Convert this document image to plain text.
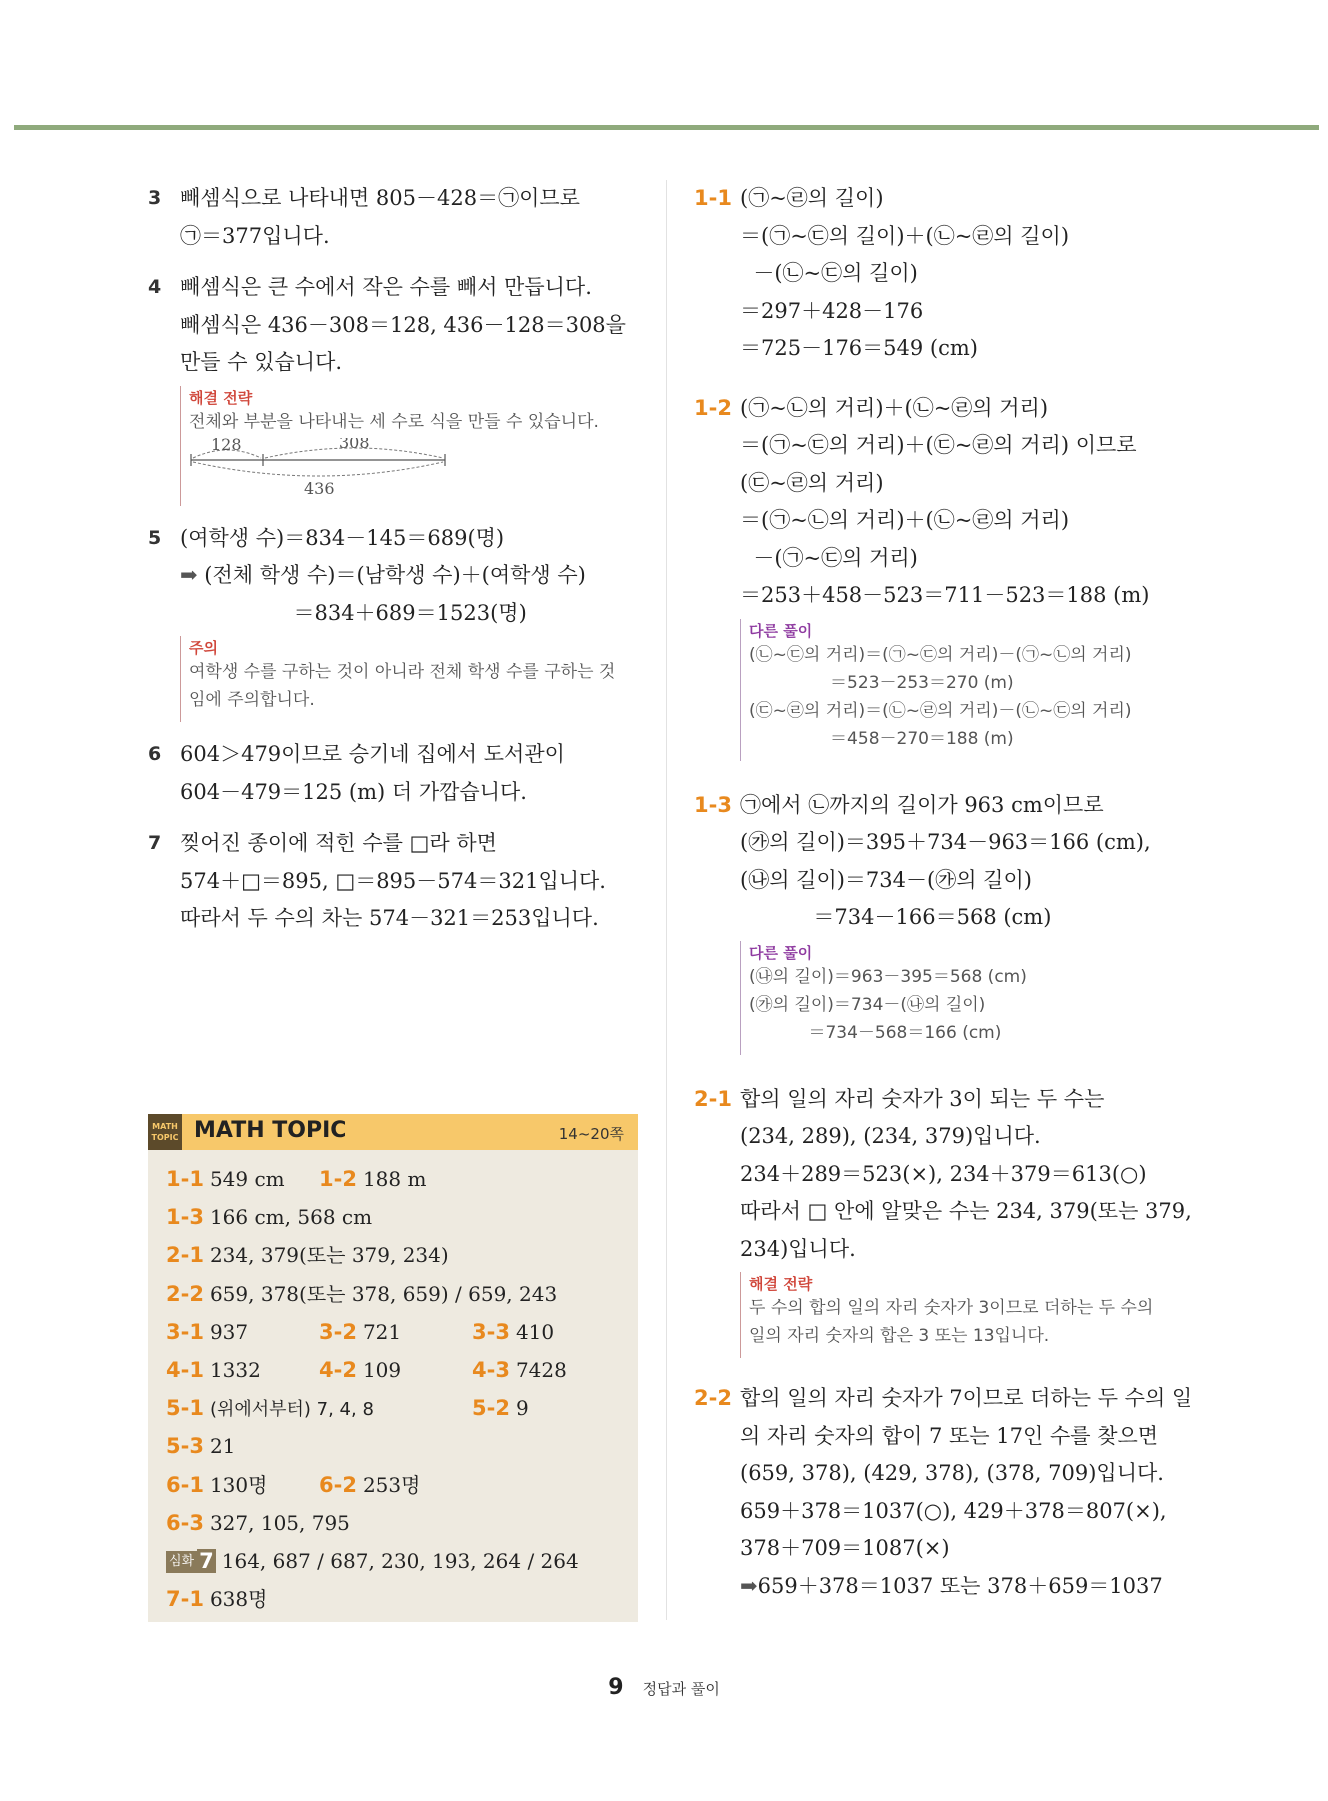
3 빼셈식으로 나타내면 805－428＝㉠이므로
㉠＝377입니다.
4 빼셈식은 큰 수에서 작은 수를 빼서 만듭니다.
빼셈식은 436－308＝128, 436－128＝308을
만들 수 있습니다.
해결 전략
전체와 부분을 나타내는 세 수로 식을 만들 수 있습니다.
128	308
436
5 (여학생 수)＝834－145＝689(명)
➡ (전체 학생 수)＝(남학생 수)＋(여학생 수)
＝834＋689＝1523(명)
주의
여학생 수를 구하는 것이 아니라 전체 학생 수를 구하는 것
임에 주의합니다.
6 604＞479이므로 승기네 집에서 도서관이
604－479＝125 (m) 더 가깝습니다.
7 찢어진 종이에 적힌 수를 □라 하면
574＋□＝895, □＝895－574＝321입니다.
따라서 두 수의 차는 574－321＝253입니다.
MATH TOPIC MATH TOPIC	14~20쪽
1-1 549 cm 1-2 188 m
1-3 166 cm, 568 cm
2-1 234, 379(또는 379, 234)
2-2 659, 378(또는 378, 659) / 659, 243
3-1 937	3-2 721	3-3 410
4-1 1332	4-2 109	4-3 7428
5-1 (위에서부터) 7, 4, 8	5-2 9
5-3 21
6-1 130명 6-2 253명
6-3 327, 105, 795
심화 7 164, 687 / 687, 230, 193, 264 / 264
7-1 638명
1-1 (㉠~㉣의 길이)
＝(㉠~㉢의 길이)＋(㉡~㉣의 길이)
－(㉡~㉢의 길이)
＝297＋428－176
＝725－176＝549 (cm)
1-2 (㉠~㉡의 거리)＋(㉡~㉣의 거리)
＝(㉠~㉢의 거리)＋(㉢~㉣의 거리) 이므로
(㉢~㉣의 거리)
＝(㉠~㉡의 거리)＋(㉡~㉣의 거리)
－(㉠~㉢의 거리)
＝253＋458－523＝711－523＝188 (m)
다른 풀이
(㉡~㉢의 거리)＝(㉠~㉢의 거리)－(㉠~㉡의 거리)
＝523－253＝270 (m)
(㉢~㉣의 거리)＝(㉡~㉣의 거리)－(㉡~㉢의 거리)
＝458－270＝188 (m)
1-3 ㉠에서 ㉡까지의 길이가 963 cm이므로
(㉮의 길이)＝395＋734－963＝166 (cm),
(㉯의 길이)＝734－(㉮의 길이)
＝734－166＝568 (cm)
다른 풀이
(㉯의 길이)＝963－395＝568 (cm)
(㉮의 길이)＝734－(㉯의 길이)
＝734－568＝166 (cm)
2-1 합의 일의 자리 숫자가 3이 되는 두 수는
(234, 289), (234, 379)입니다.
234＋289＝523(×), 234＋379＝613(○)
따라서 □ 안에 알맞은 수는 234, 379(또는 379,
234)입니다.
해결 전략
두 수의 합의 일의 자리 숫자가 3이므로 더하는 두 수의
일의 자리 숫자의 합은 3 또는 13입니다.
2-2 합의 일의 자리 숫자가 7이므로 더하는 두 수의 일
의 자리 숫자의 합이 7 또는 17인 수를 찾으면
(659, 378), (429, 378), (378, 709)입니다.
659＋378＝1037(○), 429＋378＝807(×),
378＋709＝1087(×)
➡659＋378＝1037 또는 378＋659＝1037
9 정답과 풀이
